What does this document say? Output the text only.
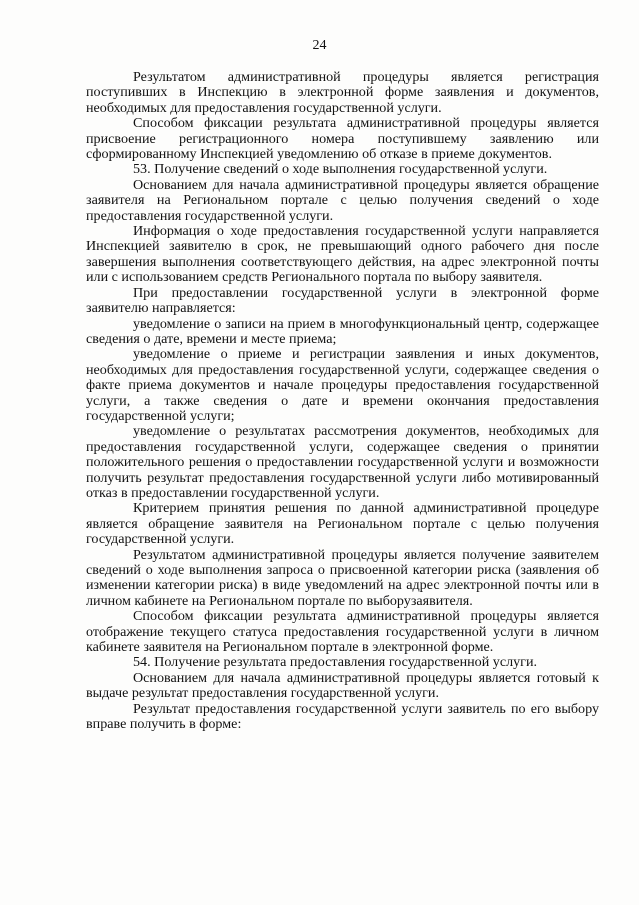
24

Результатом административной процедуры является регистрация поступивших в Инспекцию в электронной форме заявления и документов, необходимых для предоставления государственной услуги.

Способом фиксации результата административной процедуры является присвоение регистрационного номера поступившему заявлению или сформированному Инспекцией уведомлению об отказе в приеме документов.

53. Получение сведений о ходе выполнения государственной услуги.

Основанием для начала административной процедуры является обращение заявителя на Региональном портале с целью получения сведений о ходе предоставления государственной услуги.

Информация о ходе предоставления государственной услуги направляется Инспекцией заявителю в срок, не превышающий одного рабочего дня после завершения выполнения соответствующего действия, на адрес электронной почты или с использованием средств Регионального портала по выбору заявителя.

При предоставлении государственной услуги в электронной форме заявителю направляется:

уведомление о записи на прием в многофункциональный центр, содержащее сведения о дате, времени и месте приема;

уведомление о приеме и регистрации заявления и иных документов, необходимых для предоставления государственной услуги, содержащее сведения о факте приема документов и начале процедуры предоставления государственной услуги, а также сведения о дате и времени окончания предоставления государственной услуги;

уведомление о результатах рассмотрения документов, необходимых для предоставления государственной услуги, содержащее сведения о принятии положительного решения о предоставлении государственной услуги и возможности получить результат предоставления государственной услуги либо мотивированный отказ в предоставлении государственной услуги.

Критерием принятия решения по данной административной процедуре является обращение заявителя на Региональном портале с целью получения государственной услуги.

Результатом административной процедуры является получение заявителем сведений о ходе выполнения запроса о присвоенной категории риска (заявления об изменении категории риска) в виде уведомлений на адрес электронной почты или в личном кабинете на Региональном портале по выборузаявителя.

Способом фиксации результата административной процедуры является отображение текущего статуса предоставления государственной услуги в личном кабинете заявителя на Региональном портале в электронной форме.

54. Получение результата предоставления государственной услуги.

Основанием для начала административной процедуры является готовый к выдаче результат предоставления государственной услуги.

Результат предоставления государственной услуги заявитель по его выбору вправе получить в форме:
